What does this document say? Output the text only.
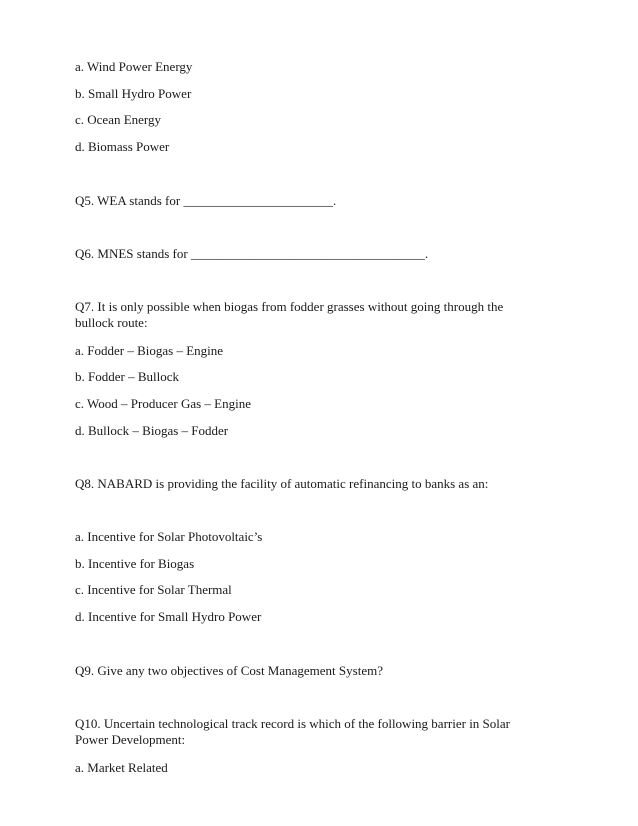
a. Wind Power Energy
b. Small Hydro Power
c. Ocean Energy
d. Biomass Power
Q5. WEA stands for _______________________.
Q6. MNES stands for ____________________________________.
Q7. It is only possible when biogas from fodder grasses without going through the bullock route:
a. Fodder – Biogas – Engine
b. Fodder – Bullock
c. Wood – Producer Gas – Engine
d. Bullock – Biogas – Fodder
Q8. NABARD is providing the facility of automatic refinancing to banks as an:
a. Incentive for Solar Photovoltaic’s
b. Incentive for Biogas
c. Incentive for Solar Thermal
d. Incentive for Small Hydro Power
Q9. Give any two objectives of Cost Management System?
Q10. Uncertain technological track record is which of the following barrier in Solar Power Development:
a. Market Related
